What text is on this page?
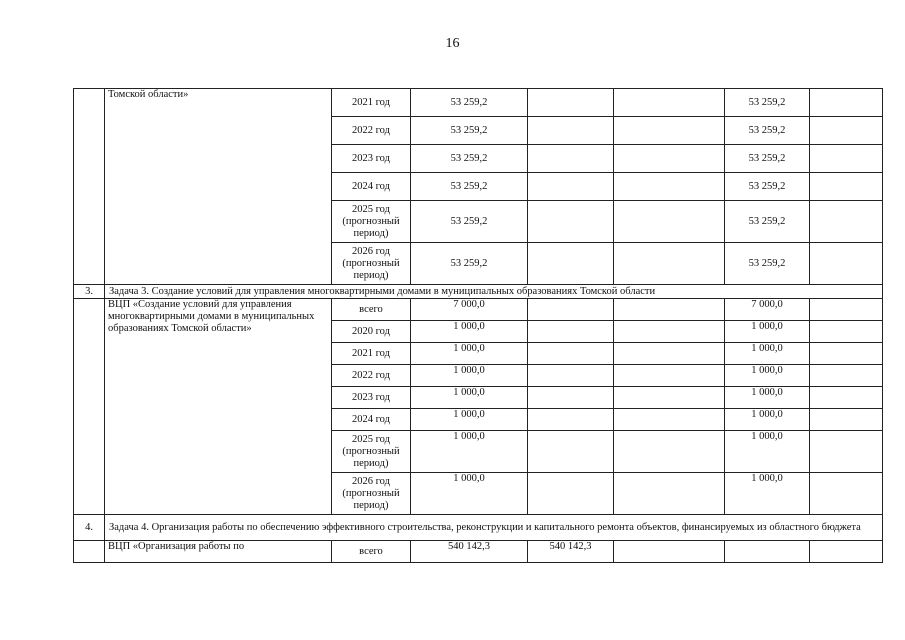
16
	Томской области»	2021 год	53 259,2			53 259,2	
		2022 год	53 259,2			53 259,2	
		2023 год	53 259,2			53 259,2	
		2024 год	53 259,2			53 259,2	
		2025 год (прогнозный период)	53 259,2			53 259,2	
		2026 год (прогнозный период)	53 259,2			53 259,2	
3.	Задача 3. Создание условий для управления многоквартирными домами в муниципальных образованиях Томской области						
	ВЦП «Создание условий для управления многоквартирными домами в муниципальных образованиях Томской области»	всего	7 000,0			7 000,0	
		2020 год	1 000,0			1 000,0	
		2021 год	1 000,0			1 000,0	
		2022 год	1 000,0			1 000,0	
		2023 год	1 000,0			1 000,0	
		2024 год	1 000,0			1 000,0	
		2025 год (прогнозный период)	1 000,0			1 000,0	
		2026 год (прогнозный период)	1 000,0			1 000,0	
4.	Задача 4. Организация работы по обеспечению эффективного строительства, реконструкции и капитального ремонта объектов, финансируемых из областного бюджета						
	ВЦП «Организация работы по	всего	540 142,3	540 142,3			
